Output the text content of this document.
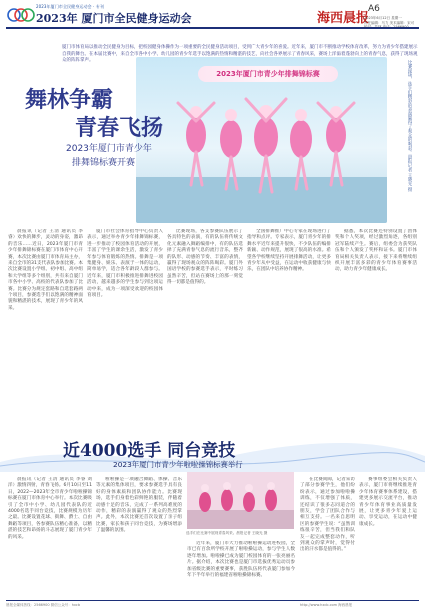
2023年厦门市全民健身运动会 · 专刊
2023年 厦门市全民健身运动会	海西晨报
A6
2023年6月12日 星期一
责任编辑：马力 美术编辑：宋可
厦门市体育局以推动全民健身为目标，把校园健身体操作为一项重要的全民健身活动项目，受到广大青少年的喜爱。近年来，厦门市不断推动学校体育改革，努力为青少年搭建展示自我的舞台。在本届比赛中，来自全市各中小学、幼儿园的青少年选手以饱满的热情和精湛的技艺，向社会各界展示了青春风采，赛场上洋溢着蓬勃向上的青春气息，获得了现场观众的阵阵掌声。
2023年厦门市青少年排舞锦标赛	比赛现场，选手们精彩的表演赢得了观众的喝彩。晨报记者 王晓光 摄
舞林争霸
青春飞扬
2023年厦门市青少年
排舞锦标赛开赛

晨报讯（记者 王清 通讯员 李睿）欢快的舞步，灵动的身姿，激昂的音乐……近日，2023年厦门市青少年排舞锦标赛在厦门市体育中心开赛，本次比赛由厦门市体育局主办，来自全市的31支代表队参加比赛。本次比赛设置小学组、初中组、高中组和大学组等多个组别，共有来自厦门市各中小学、高校的代表队参加了比赛。比赛分为规定套路和自选套路两个项目，参赛选手们以饱满的精神面貌和精湛的技术，展现了青少年的风采。

厦门市社会体育指导中心负责人表示，通过举办青少年排舞锦标赛，进一步推动了校园体育活动的开展，丰富了学生的课余生活，激发了青少年参与体育锻炼的热情。排舞是一项集健身、娱乐、表演于一体的运动，简单易学，适合各年龄段人群参与。近年来，厦门市积极推进排舞进校园活动，越来越多的学生参与到这项运动中来，成为一项深受欢迎的校园体育项目。

比赛现场，各支参赛队伍展示了各具特色的表演，有的队伍将传统文化元素融入舞蹈编排中，有的队伍选择了充满青春气息的流行音乐，整齐的队形、动感的节奏、丰富的表情，赢得了现场观众的阵阵喝彩。厦门外国语学校的参赛选手表示，平时练习虽然辛苦，但站在赛场上的那一刻觉得一切都是值得的。

全国排舞推广中心专家在现场进行了指导和点评。专家表示，厦门青少年的排舞水平近年来提升很快，不少队伍的编排新颖、动作规范，展现了很高的水准。希望各学校继续坚持开展排舞活动，让更多青少年从中受益，在运动中收获健康与快乐，在团队中培养协作精神。

据悉，本次比赛还特别设置了团体奖和个人奖项，经过激烈角逐，各组别冠军陆续产生。赛后，组委会为获奖队伍和个人颁发了奖杯和证书。厦门市体育局相关负责人表示，接下来将继续组织开展丰富多彩的青少年体育赛事活动，助力青少年健康成长。

近4000选手 同台竞技
2023年厦门市青少年啦啦操锦标赛举行

晨报讯（记者 王清 通讯员 李睿 刘洋）激情四射，青春飞扬。6月10日至11日，2022—2023年全市青少年啦啦操锦标赛在厦门市体育中心举行。本次比赛吸引了全市中小学、幼儿园代表队的近4000名选手同台竞技，比赛规模为历年之最。比赛设置花球、街舞、爵士、自由舞蹈等项目，各参赛队伍精心准备，以精湛的技艺和昂扬的斗志展现了厦门青少年的风采。

啦啦操是一项融合舞蹈、体操、音乐等元素的集体项目，要求参赛选手具有良好的身体素质和团队协作能力。比赛现场，选手们身着色彩鲜艳的服装，伴随着动感十足的音乐，完成了一系列高难度的动作，精彩的表演赢得了观众的热烈掌声。此外，本次比赛还首次设置了亲子组比赛，家长和孩子同台竞技，为赛场增添了温馨的氛围。	选手们在比赛中展现青春风采。晨报记者 王晓光 摄

在比赛间隙，记者采访了部分参赛学生，他们纷纷表示，通过参加啦啦操训练，不仅增强了体质，还结识了很多志同道合的朋友，学会了团队合作与相互支持。一名来自思明区的参赛学生说：“虽然训练很辛苦，但当我们和队友一起完成整套动作，听到观众的掌声时，觉得付出的汗水都是值得的。”

赛事组委会相关负责人表示，厦门市将继续推进青少年体育赛事体系建设，搭建更多展示交流平台，推动青少年体育事业高质量发展，让更多青少年爱上运动、享受运动，在运动中健康成长。

近年来，厦门市大力推动啦啦操运动进校园，全市已有百余所学校开展了啦啦操运动，参与学生人数逐年增加。啦啦操已成为厦门校园体育的一张亮丽名片。据介绍，本次比赛也是厦门市选拔优秀运动员参加省级比赛的重要赛事，获胜队伍将代表厦门参加今年下半年举行的福建省啦啦操锦标赛。

晨报全媒体热线：2566900 微信公众号：hxcb	http://www.hxcb.com 海西晨报
